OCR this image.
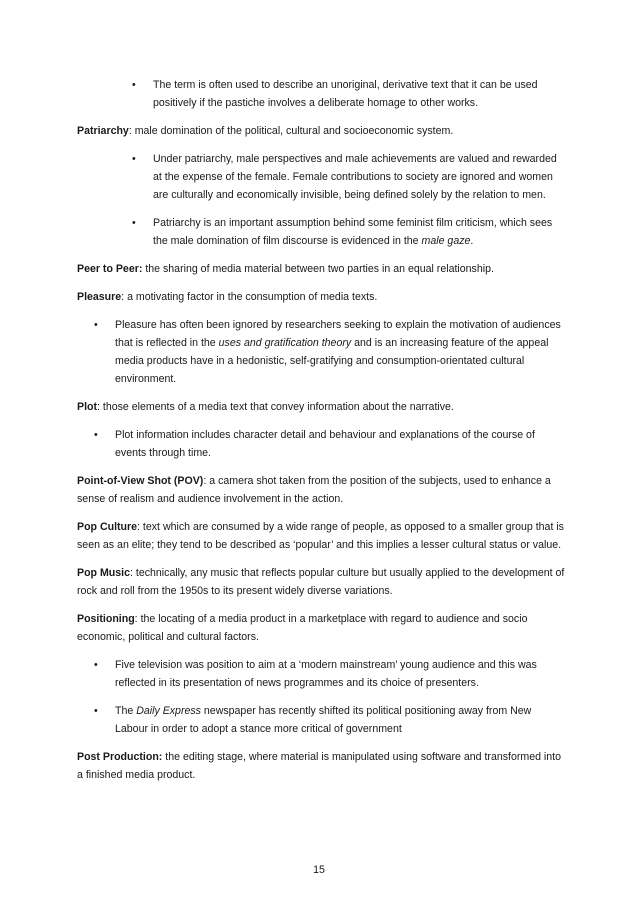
• The term is often used to describe an unoriginal, derivative text that it can be used positively if the pastiche involves a deliberate homage to other works.
Patriarchy: male domination of the political, cultural and socioeconomic system.
• Under patriarchy, male perspectives and male achievements are valued and rewarded at the expense of the female. Female contributions to society are ignored and women are culturally and economically invisible, being defined solely by the relation to men.
• Patriarchy is an important assumption behind some feminist film criticism, which sees the male domination of film discourse is evidenced in the male gaze.
Peer to Peer: the sharing of media material between two parties in an equal relationship.
Pleasure: a motivating factor in the consumption of media texts.
• Pleasure has often been ignored by researchers seeking to explain the motivation of audiences that is reflected in the uses and gratification theory and is an increasing feature of the appeal media products have in a hedonistic, self-gratifying and consumption-orientated cultural environment.
Plot: those elements of a media text that convey information about the narrative.
• Plot information includes character detail and behaviour and explanations of the course of events through time.
Point-of-View Shot (POV): a camera shot taken from the position of the subjects, used to enhance a sense of realism and audience involvement in the action.
Pop Culture: text which are consumed by a wide range of people, as opposed to a smaller group that is seen as an elite; they tend to be described as ‘popular’ and this implies a lesser cultural status or value.
Pop Music: technically, any music that reflects popular culture but usually applied to the development of rock and roll from the 1950s to its present widely diverse variations.
Positioning: the locating of a media product in a marketplace with regard to audience and socio economic, political and cultural factors.
• Five television was position to aim at a ‘modern mainstream’ young audience and this was reflected in its presentation of news programmes and its choice of presenters.
• The Daily Express newspaper has recently shifted its political positioning away from New Labour in order to adopt a stance more critical of government
Post Production: the editing stage, where material is manipulated using software and transformed into a finished media product.
15
